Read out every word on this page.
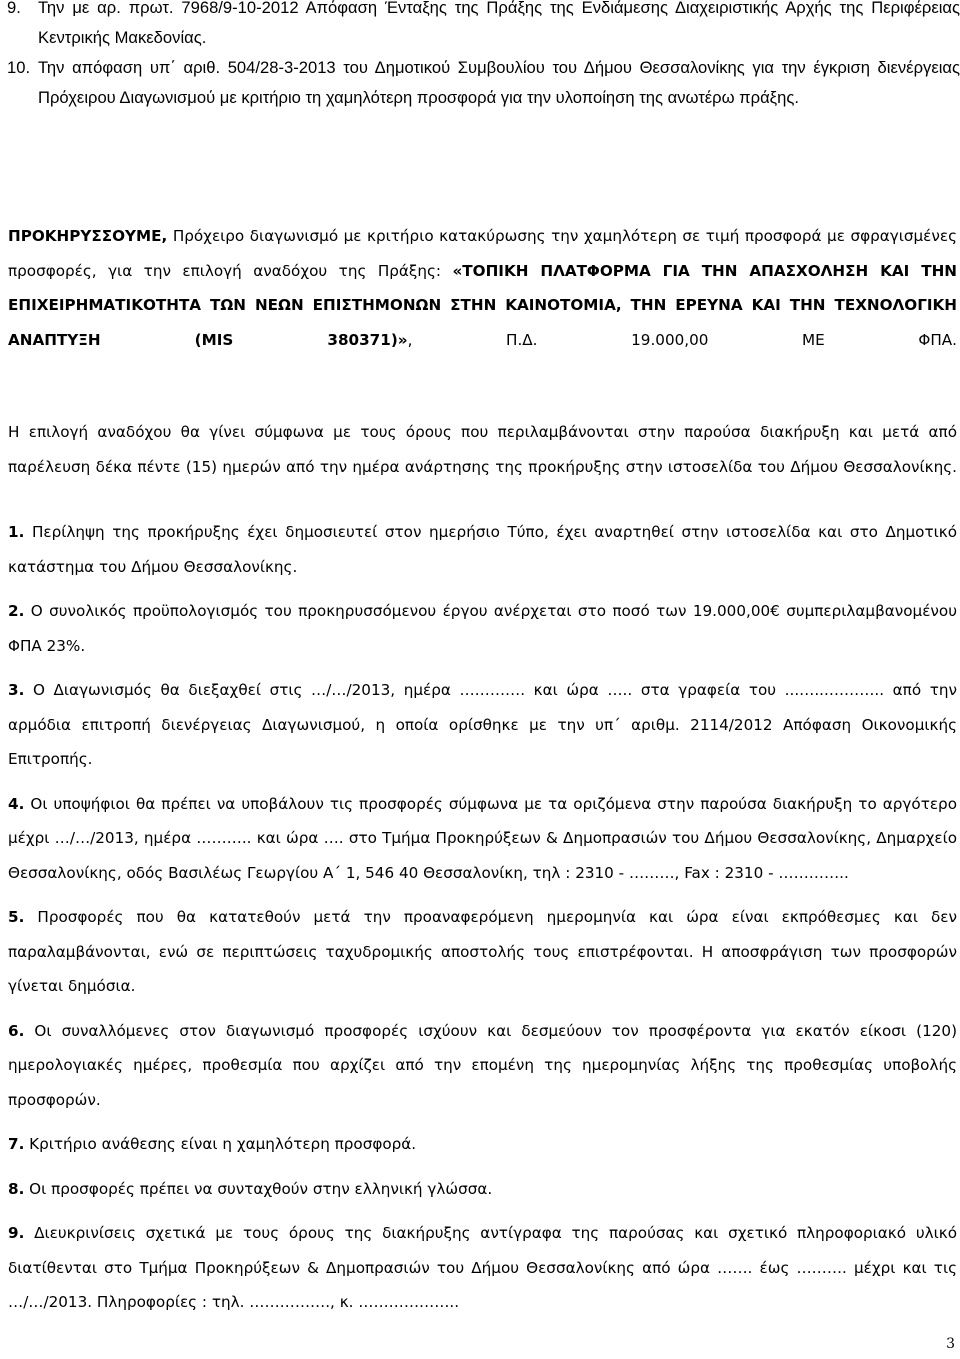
9. Την με αρ. πρωτ. 7968/9-10-2012 Απόφαση Ένταξης της Πράξης της Ενδιάμεσης Διαχειριστικής Αρχής της Περιφέρειας Κεντρικής Μακεδονίας.
10. Την απόφαση υπ΄ αριθ. 504/28-3-2013 του Δημοτικού Συμβουλίου του Δήμου Θεσσαλονίκης για την έγκριση διενέργειας Πρόχειρου Διαγωνισμού με κριτήριο τη χαμηλότερη προσφορά για την υλοποίηση της ανωτέρω πράξης.

ΠΡΟΚΗΡΥΣΣΟΥΜΕ, Πρόχειρο διαγωνισμό με κριτήριο κατακύρωσης την χαμηλότερη σε τιμή προσφορά με σφραγισμένες προσφορές, για την επιλογή αναδόχου της Πράξης: «ΤΟΠΙΚΗ ΠΛΑΤΦΟΡΜΑ ΓΙΑ ΤΗΝ ΑΠΑΣΧΟΛΗΣΗ ΚΑΙ ΤΗΝ ΕΠΙΧΕΙΡΗΜΑΤΙΚΟΤΗΤΑ ΤΩΝ ΝΕΩΝ ΕΠΙΣΤΗΜΟΝΩΝ ΣΤΗΝ ΚΑΙΝΟΤΟΜΙΑ, ΤΗΝ ΕΡΕΥΝΑ ΚΑΙ ΤΗΝ ΤΕΧΝΟΛΟΓΙΚΗ ΑΝΑΠΤΥΞΗ (MIS 380371)», Π.Δ. 19.000,00 ΜΕ ΦΠΑ.

Η επιλογή αναδόχου θα γίνει σύμφωνα με τους όρους που περιλαμβάνονται στην παρούσα διακήρυξη και μετά από παρέλευση δέκα πέντε (15) ημερών από την ημέρα ανάρτησης της προκήρυξης στην ιστοσελίδα του Δήμου Θεσσαλονίκης.

1. Περίληψη της προκήρυξης έχει δημοσιευτεί στον ημερήσιο Τύπο, έχει αναρτηθεί στην ιστοσελίδα και στο Δημοτικό κατάστημα του Δήμου Θεσσαλονίκης.

2. Ο συνολικός προϋπολογισμός του προκηρυσσόμενου έργου ανέρχεται στο ποσό των 19.000,00€ συμπεριλαμβανομένου ΦΠΑ 23%.

3. Ο Διαγωνισμός θα διεξαχθεί στις …/…/2013, ημέρα …………. και ώρα ….. στα γραφεία του ...…...……….. από την αρμόδια επιτροπή διενέργειας Διαγωνισμού, η οποία ορίσθηκε με την υπ΄ αριθμ. 2114/2012 Απόφαση Οικονομικής Επιτροπής.

4. Οι υποψήφιοι θα πρέπει να υποβάλουν τις προσφορές σύμφωνα με τα οριζόμενα στην παρούσα διακήρυξη το αργότερο μέχρι …/…/2013, ημέρα ……….. και ώρα …. στο Τμήμα Προκηρύξεων & Δημοπρασιών του Δήμου Θεσσαλονίκης, Δημαρχείο Θεσσαλονίκης, οδός Βασιλέως Γεωργίου Α΄ 1, 546 40 Θεσσαλονίκη, τηλ : 2310 - ………, Fax : 2310 - …………..

5. Προσφορές που θα κατατεθούν μετά την προαναφερόμενη ημερομηνία και ώρα είναι εκπρόθεσμες και δεν παραλαμβάνονται, ενώ σε περιπτώσεις ταχυδρομικής αποστολής τους επιστρέφονται. Η αποσφράγιση των προσφορών γίνεται δημόσια.

6. Οι συναλλόμενες στον διαγωνισμό προσφορές ισχύουν και δεσμεύουν τον προσφέροντα για εκατόν είκοσι (120) ημερολογιακές ημέρες, προθεσμία που αρχίζει από την επομένη της ημερομηνίας λήξης της προθεσμίας υποβολής προσφορών.

7. Κριτήριο ανάθεσης είναι η χαμηλότερη προσφορά.

8. Οι προσφορές πρέπει να συνταχθούν στην ελληνική γλώσσα.

9. Διευκρινίσεις σχετικά με τους όρους της διακήρυξης αντίγραφα της παρούσας και σχετικό πληροφοριακό υλικό διατίθενται στο Τμήμα Προκηρύξεων & Δημοπρασιών του Δήμου Θεσσαλονίκης από ώρα ……. έως ………. μέχρι και τις …/…/2013. Πληροφορίες : τηλ. ……………., κ. ………………..

3
